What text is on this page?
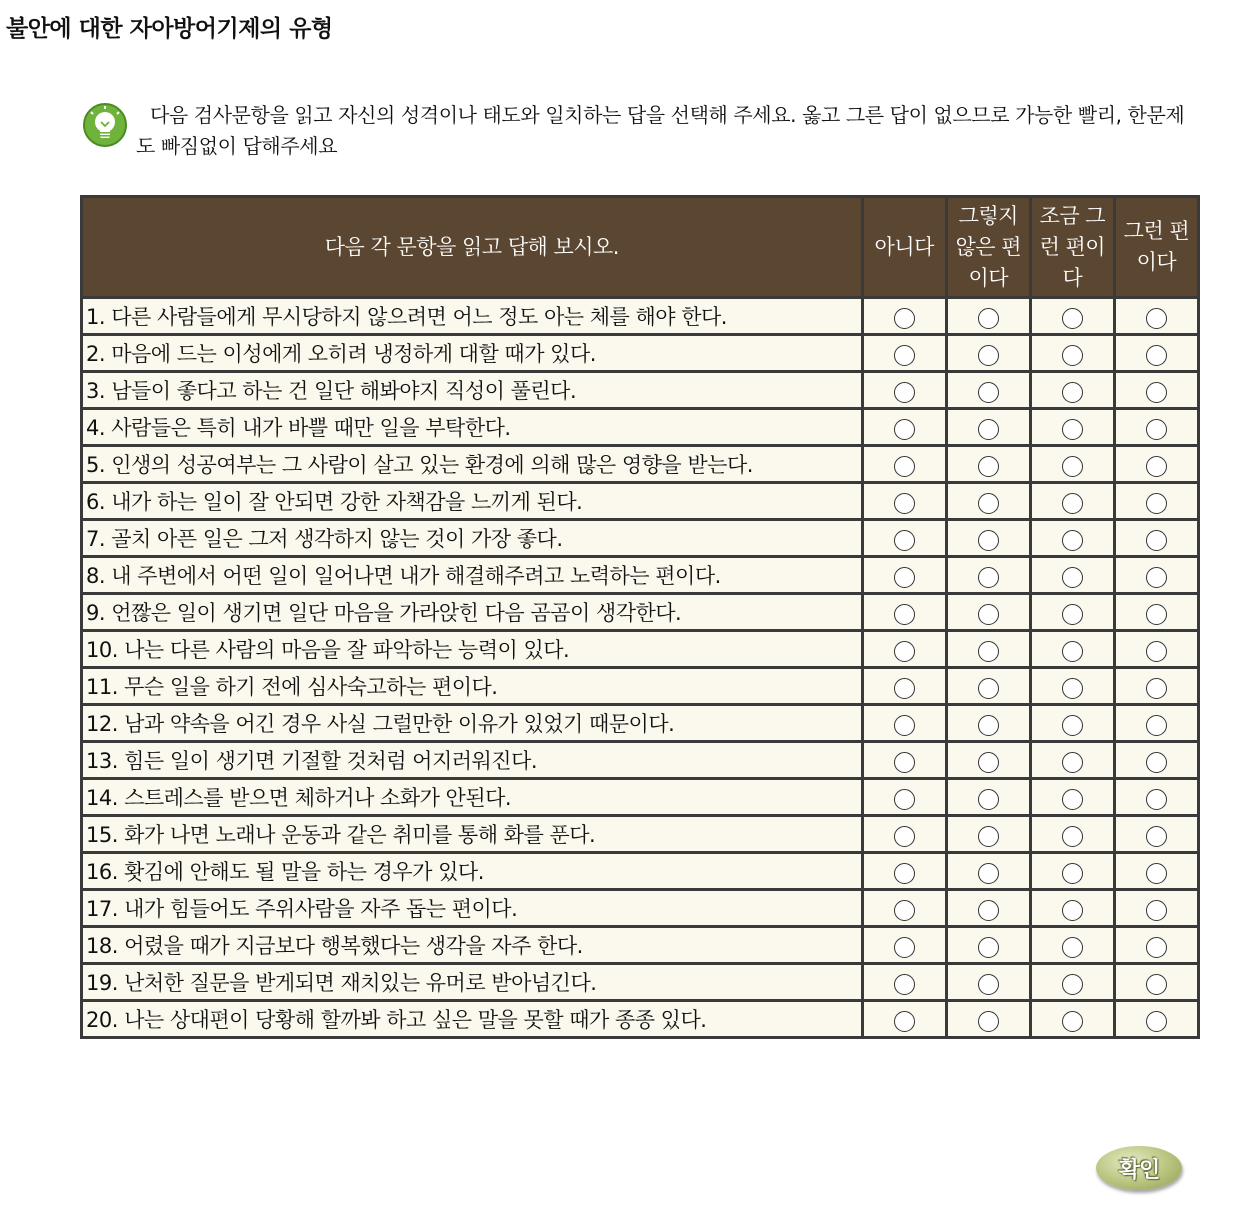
불안에 대한 자아방어기제의 유형
다음 검사문항을 읽고 자신의 성격이나 태도와 일치하는 답을 선택해 주세요. 옳고 그른 답이 없으므로 가능한 빨리, 한문제도 빠짐없이 답해주세요
다음 각 문항을 읽고 답해 보시오.	아니다	그렇지 않은 편이다	조금 그런 편이다	그런 편이다
1. 다른 사람들에게 무시당하지 않으려면 어느 정도 아는 체를 해야 한다.				
2. 마음에 드는 이성에게 오히려 냉정하게 대할 때가 있다.				
3. 남들이 좋다고 하는 건 일단 해봐야지 직성이 풀린다.				
4. 사람들은 특히 내가 바쁠 때만 일을 부탁한다.				
5. 인생의 성공여부는 그 사람이 살고 있는 환경에 의해 많은 영향을 받는다.				
6. 내가 하는 일이 잘 안되면 강한 자책감을 느끼게 된다.				
7. 골치 아픈 일은 그저 생각하지 않는 것이 가장 좋다.				
8. 내 주변에서 어떤 일이 일어나면 내가 해결해주려고 노력하는 편이다.				
9. 언짢은 일이 생기면 일단 마음을 가라앉힌 다음 곰곰이 생각한다.				
10. 나는 다른 사람의 마음을 잘 파악하는 능력이 있다.				
11. 무슨 일을 하기 전에 심사숙고하는 편이다.				
12. 남과 약속을 어긴 경우 사실 그럴만한 이유가 있었기 때문이다.				
13. 힘든 일이 생기면 기절할 것처럼 어지러워진다.				
14. 스트레스를 받으면 체하거나 소화가 안된다.				
15. 화가 나면 노래나 운동과 같은 취미를 통해 화를 푼다.				
16. 홧김에 안해도 될 말을 하는 경우가 있다.				
17. 내가 힘들어도 주위사람을 자주 돕는 편이다.				
18. 어렸을 때가 지금보다 행복했다는 생각을 자주 한다.				
19. 난처한 질문을 받게되면 재치있는 유머로 받아넘긴다.				
20. 나는 상대편이 당황해 할까봐 하고 싶은 말을 못할 때가 종종 있다.				
확인
